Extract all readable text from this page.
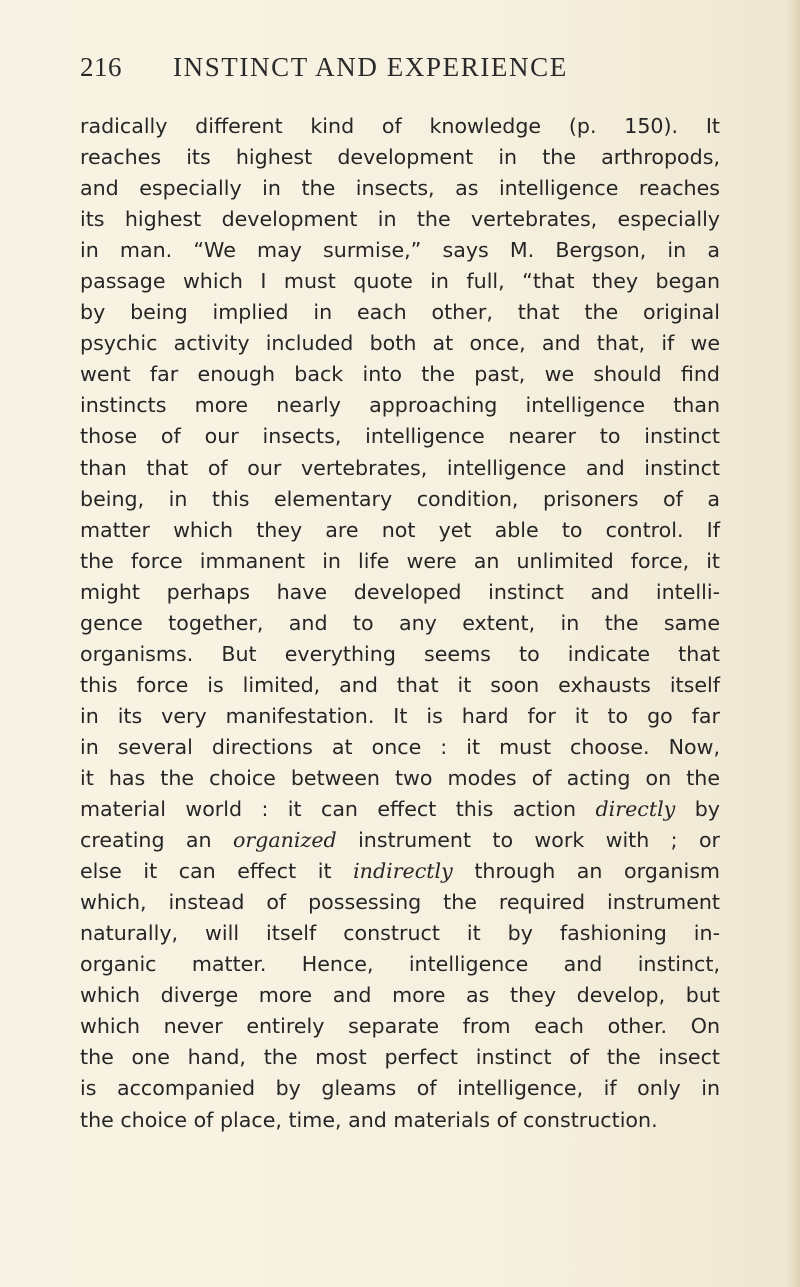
216 INSTINCT AND EXPERIENCE
radically different kind of knowledge (p. 150). It
reaches its highest development in the arthropods,
and especially in the insects, as intelligence reaches
its highest development in the vertebrates, especially
in man. “We may surmise,” says M. Bergson, in a
passage which I must quote in full, “that they began
by being implied in each other, that the original
psychic activity included both at once, and that, if we
went far enough back into the past, we should find
instincts more nearly approaching intelligence than
those of our insects, intelligence nearer to instinct
than that of our vertebrates, intelligence and instinct
being, in this elementary condition, prisoners of a
matter which they are not yet able to control. If
the force immanent in life were an unlimited force, it
might perhaps have developed instinct and intelli-
gence together, and to any extent, in the same
organisms. But everything seems to indicate that
this force is limited, and that it soon exhausts itself
in its very manifestation. It is hard for it to go far
in several directions at once : it must choose. Now,
it has the choice between two modes of acting on the
material world : it can effect this action directly by
creating an organized instrument to work with ; or
else it can effect it indirectly through an organism
which, instead of possessing the required instrument
naturally, will itself construct it by fashioning in-
organic matter. Hence, intelligence and instinct,
which diverge more and more as they develop, but
which never entirely separate from each other. On
the one hand, the most perfect instinct of the insect
is accompanied by gleams of intelligence, if only in
the choice of place, time, and materials of construction.
